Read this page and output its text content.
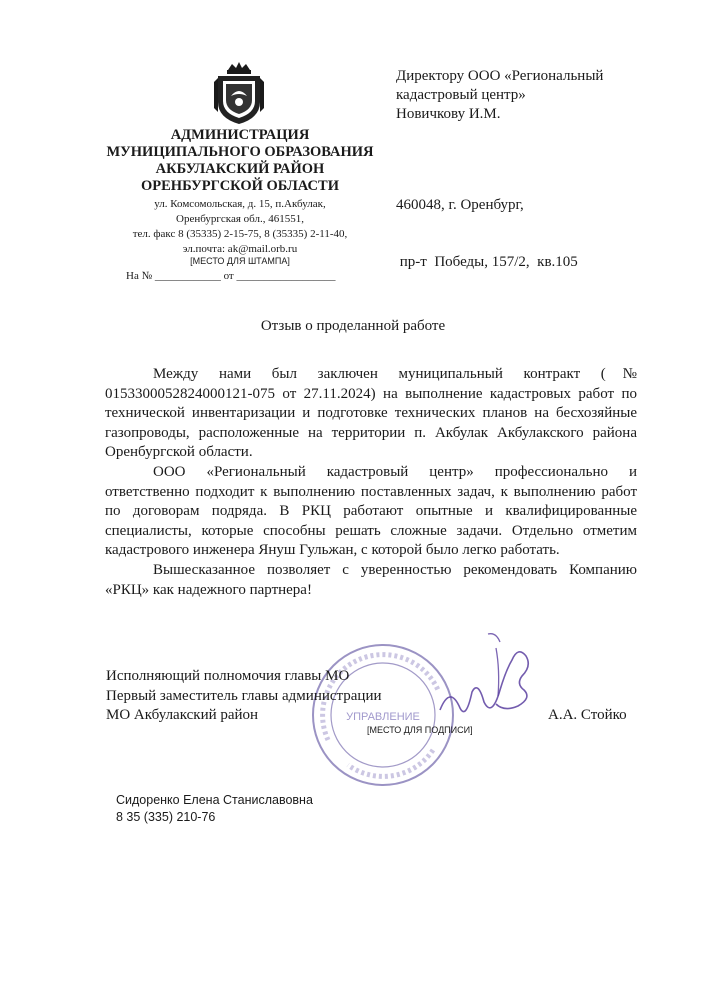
АДМИНИСТРАЦИЯ
МУНИЦИПАЛЬНОГО ОБРАЗОВАНИЯ
АКБУЛАКСКИЙ РАЙОН
ОРЕНБУРГСКОЙ ОБЛАСТИ
ул. Комсомольская, д. 15, п.Акбулак,
Оренбургская обл., 461551,
тел. факс 8 (35335) 2-15-75, 8 (35335) 2-11-40,
эл.почта: ak@mail.orb.ru
[МЕСТО ДЛЯ ШТАМПА]
На № ____________ от __________________
Директору ООО «Региональный
кадастровый центр»
Новичкову И.М.

460048, г. Оренбург,

пр-т  Победы, 157/2,  кв.105

Отзыв о проделанной работе

Между нами был заключен муниципальный контракт (№ 0153300052824000121-075 от 27.11.2024) на выполнение кадастровых работ по технической инвентаризации и подготовке технических планов на бесхозяйные газопроводы, расположенные на территории п. Акбулак Акбулакского района Оренбургской области.

ООО «Региональный кадастровый центр» профессионально и ответственно подходит к выполнению поставленных задач, к выполнению работ по договорам подряда. В РКЦ работают опытные и квалифицированные специалисты, которые способны решать сложные задачи. Отдельно отметим кадастрового инженера Януш Гульжан, с которой было легко работать.

Вышесказанное позволяет с уверенностью рекомендовать Компанию «РКЦ» как надежного партнера!

УПРАВЛЕНИЕ
Исполняющий полномочия главы МО
Первый заместитель главы администрации
МО Акбулакский район
[МЕСТО ДЛЯ ПОДПИСИ]
А.А. Стойко
Сидоренко Елена Станиславовна
8 35 (335) 210-76
